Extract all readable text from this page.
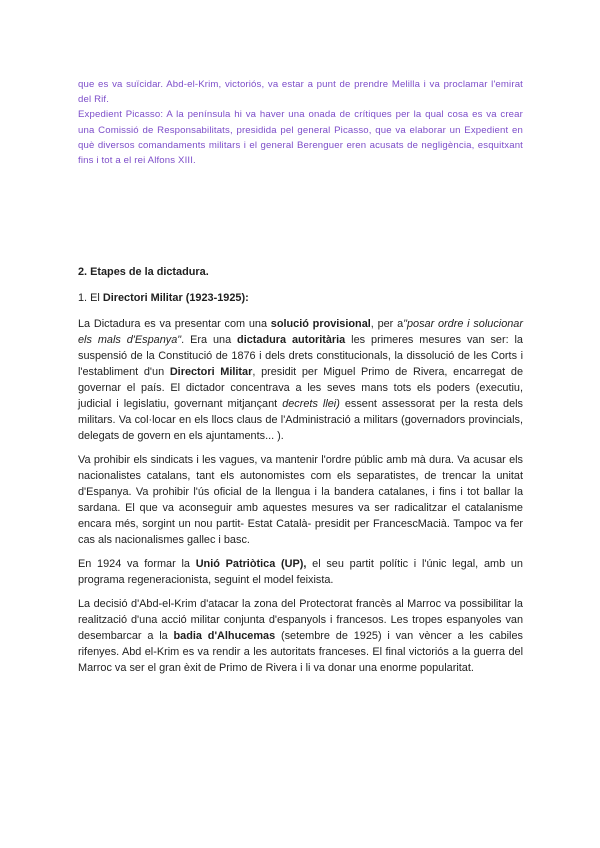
que es va suïcidar. Abd-el-Krim, victoriós, va estar a punt de prendre Melilla i va proclamar l'emirat del Rif.

Expedient Picasso: A la península hi va haver una onada de crítiques per la qual cosa es va crear una Comissió de Responsabilitats, presidida pel general Picasso, que va elaborar un Expedient en què diversos comandaments militars i el general Berenguer eren acusats de negligència, esquitxant fins i tot a el rei Alfons XIII.

2. Etapes de la dictadura.

1. El Directori Militar (1923-1925):

La Dictadura es va presentar com una solució provisional, per a"posar ordre i solucionar els mals d'Espanya". Era una dictadura autoritària les primeres mesures van ser: la suspensió de la Constitució de 1876 i dels drets constitucionals, la dissolució de les Corts i l'establiment d'un Directori Militar, presidit per Miguel Primo de Rivera, encarregat de governar el país. El dictador concentrava a les seves mans tots els poders (executiu, judicial i legislatiu, governant mitjançant decrets llei) essent assessorat per la resta dels militars. Va col·locar en els llocs claus de l'Administració a militars (governadors provincials, delegats de govern en els ajuntaments... ).

Va prohibir els sindicats i les vagues, va mantenir l'ordre públic amb mà dura. Va acusar els nacionalistes catalans, tant els autonomistes com els separatistes, de trencar la unitat d'Espanya. Va prohibir l'ús oficial de la llengua i la bandera catalanes, i fins i tot ballar la sardana. El que va aconseguir amb aquestes mesures va ser radicalitzar el catalanisme encara més, sorgint un nou partit- Estat Català- presidit per FrancescMacià. Tampoc va fer cas als nacionalismes gallec i basc.

En 1924 va formar la Unió Patriòtica (UP), el seu partit polític i l'únic legal, amb un programa regeneracionista, seguint el model feixista.

La decisió d'Abd-el-Krim d'atacar la zona del Protectorat francès al Marroc va possibilitar la realització d'una acció militar conjunta d'espanyols i francesos. Les tropes espanyoles van desembarcar a la badia d'Alhucemas (setembre de 1925) i van vèncer a les cabiles rifenyes. Abd el-Krim es va rendir a les autoritats franceses. El final victoriós a la guerra del Marroc va ser el gran èxit de Primo de Rivera i li va donar una enorme popularitat.
